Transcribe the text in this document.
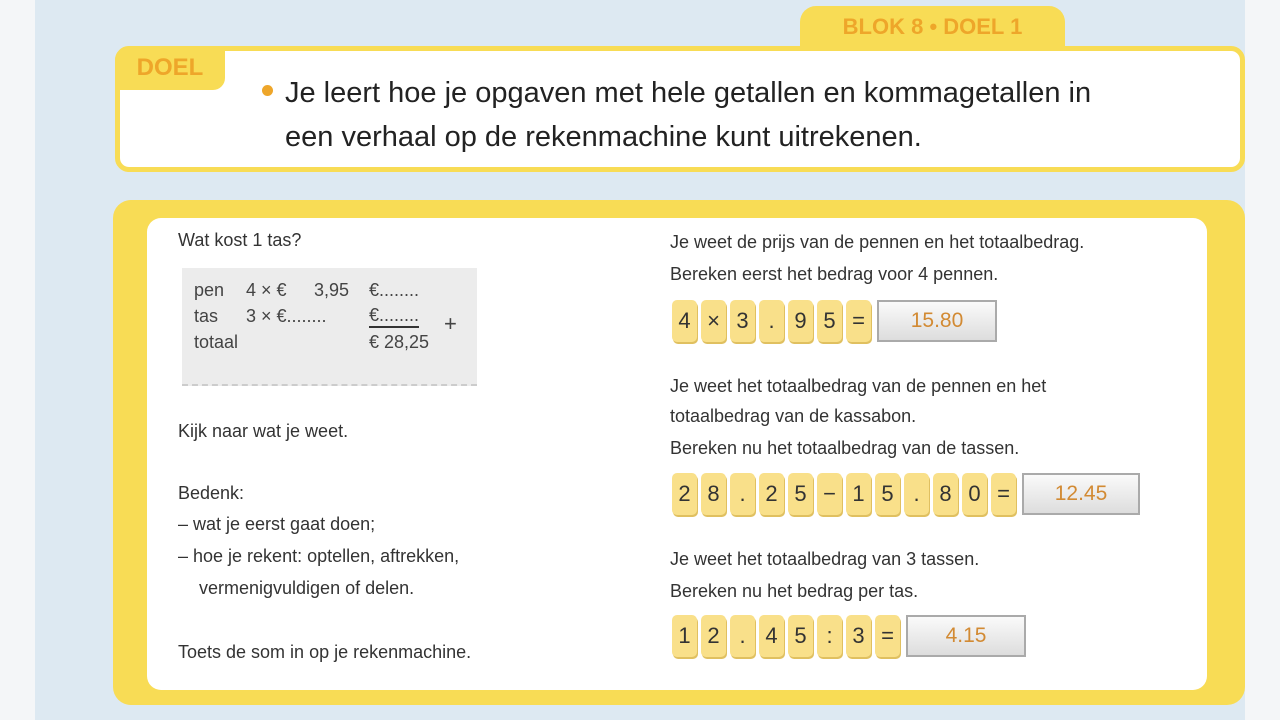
BLOK 8 • DOEL 1
DOEL
Je leert hoe je opgaven met hele getallen en kommagetallen in
een verhaal op de rekenmachine kunt uitrekenen.
Wat kost 1 tas?
pen 4 × € 3,95 €........
tas 3 × €........ €........ +
totaal	€ 28,25
Kijk naar wat je weet.
Bedenk:
– wat je eerst gaat doen;
– hoe je rekent: optellen, aftrekken,
vermenigvuldigen of delen.
Toets de som in op je rekenmachine.
Je weet de prijs van de pennen en het totaalbedrag.
Bereken eerst het bedrag voor 4 pennen.
4 × 3 . 9 5 =	15.80
Je weet het totaalbedrag van de pennen en het
totaalbedrag van de kassabon.
Bereken nu het totaalbedrag van de tassen.
2 8 . 2 5 − 1 5 . 8 0 =	12.45
Je weet het totaalbedrag van 3 tassen.
Bereken nu het bedrag per tas.
1 2 . 4 5 : 3 =	4.15
